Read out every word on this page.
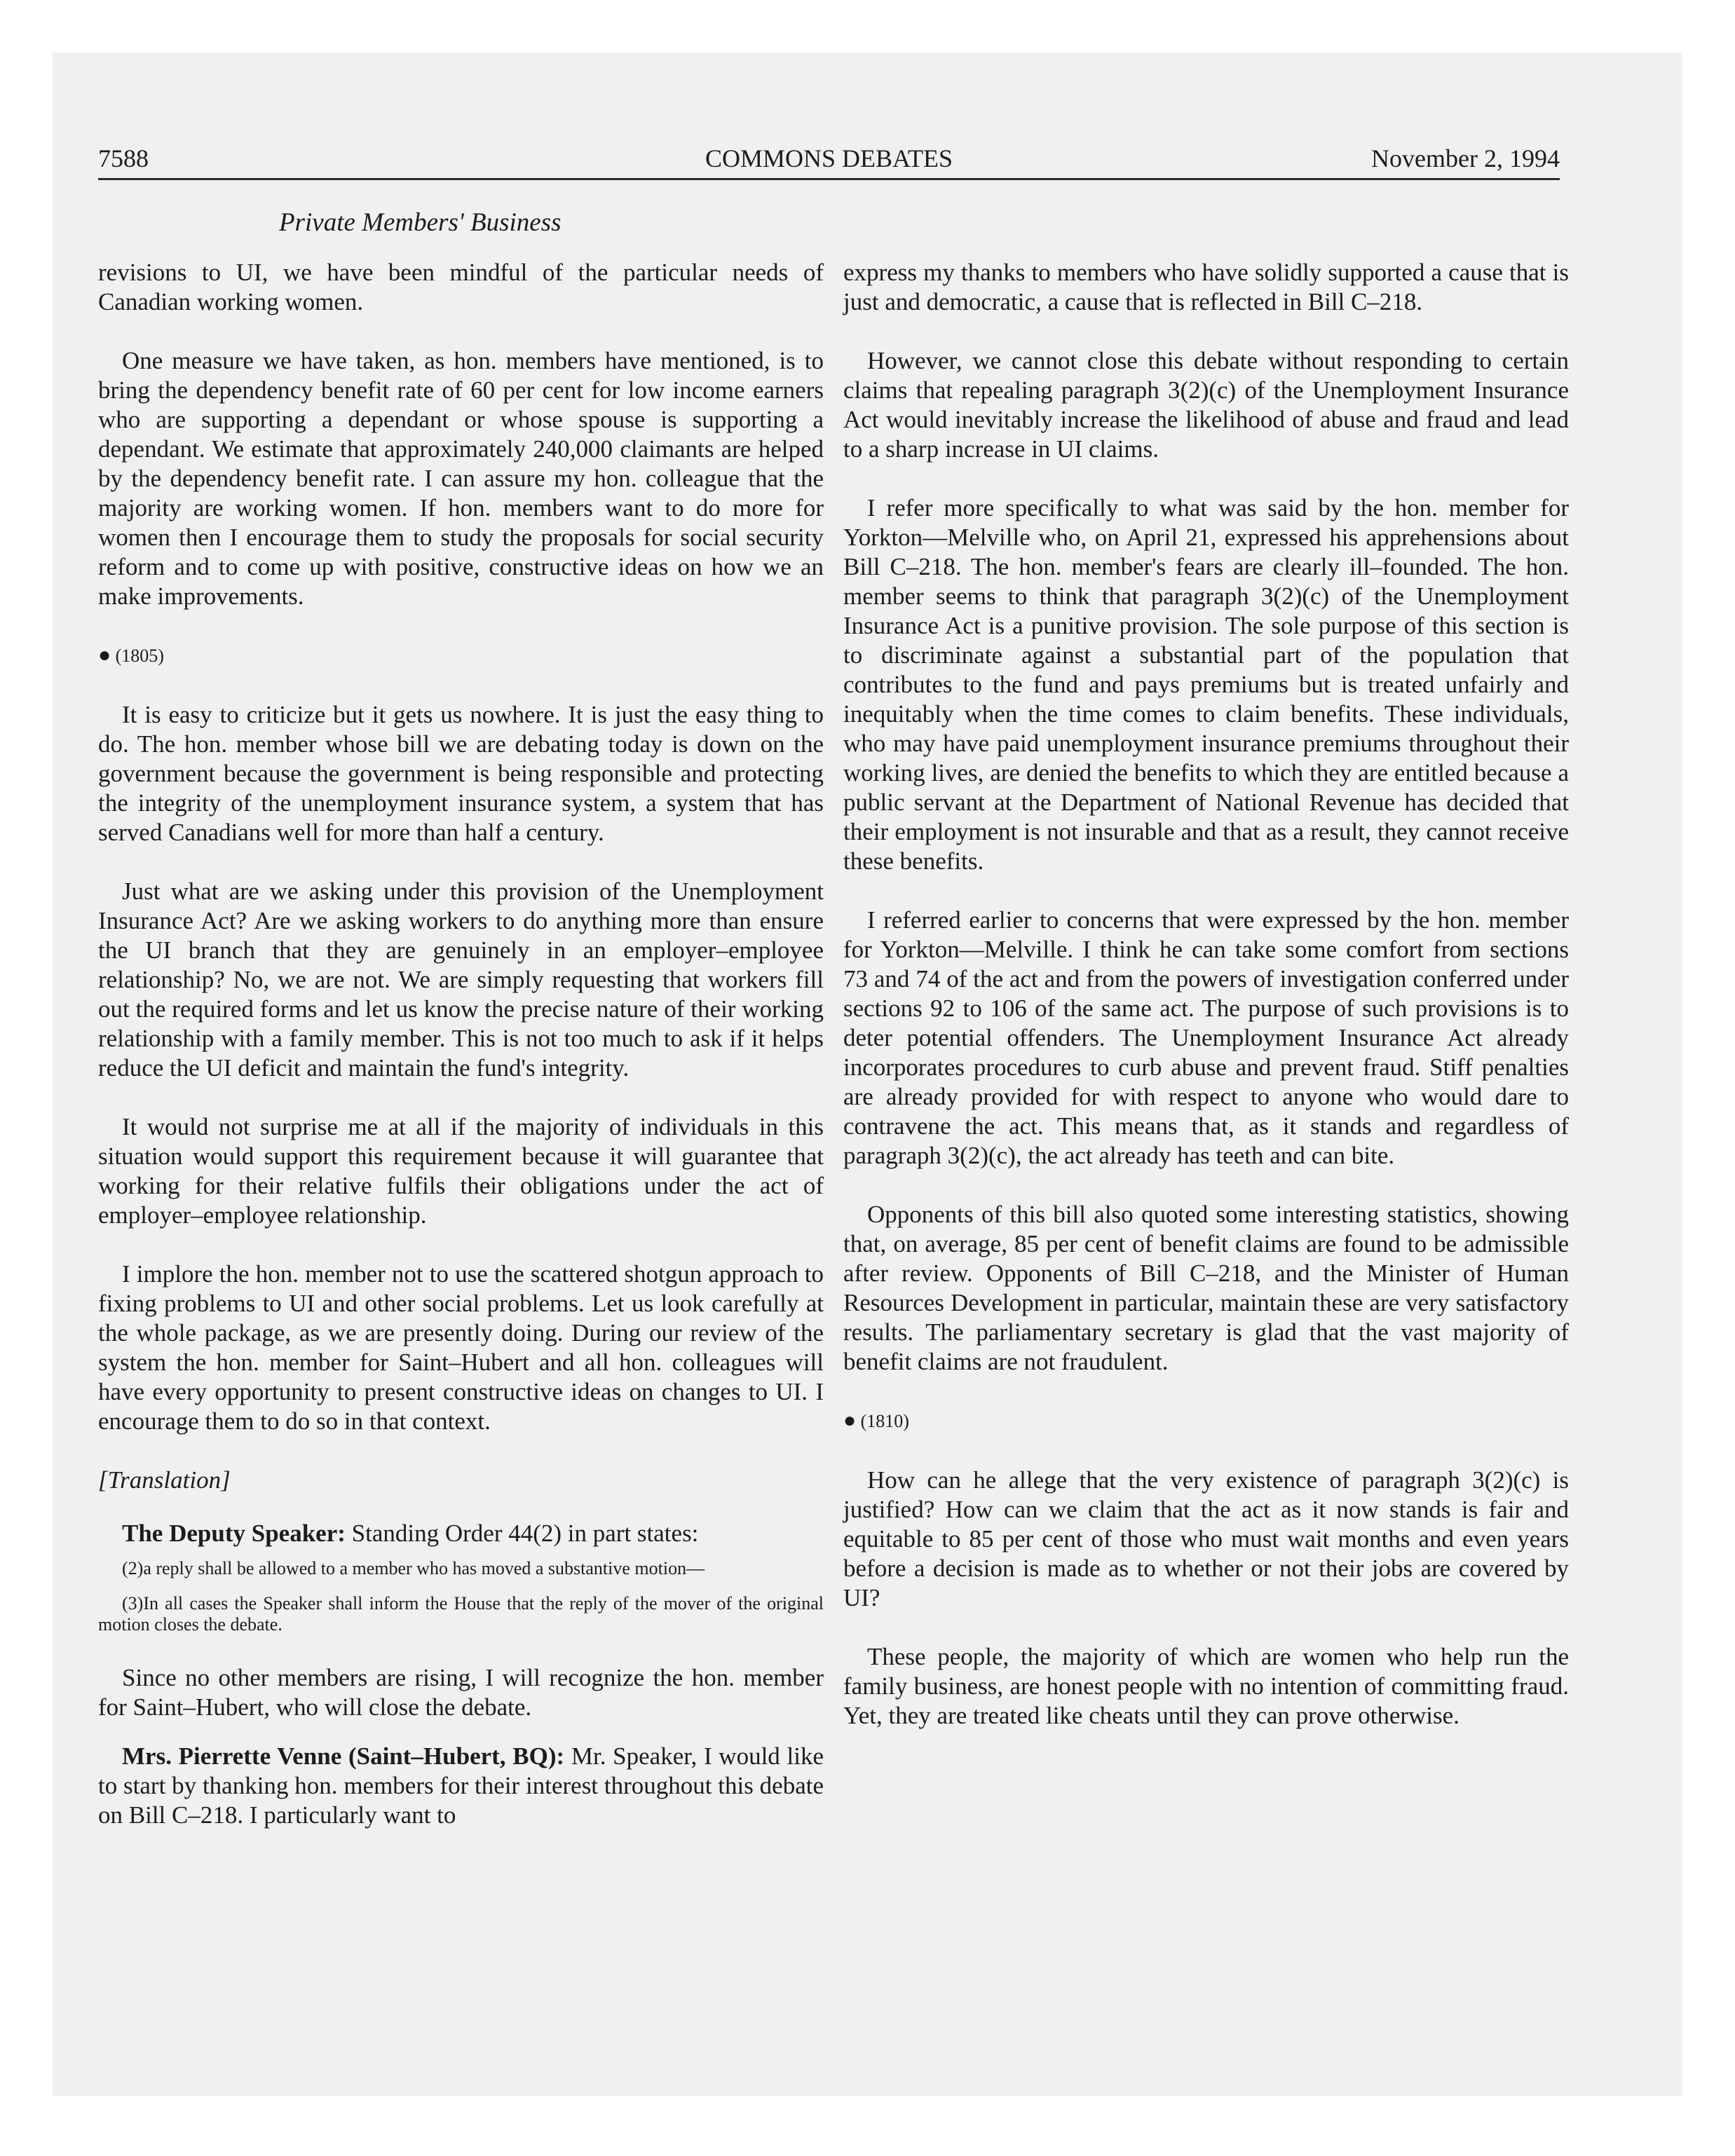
7588	COMMONS DEBATES	November 2, 1994
Private Members' Business

revisions to UI, we have been mindful of the particular needs of Canadian working women.

One measure we have taken, as hon. members have mentioned, is to bring the dependency benefit rate of 60 per cent for low income earners who are supporting a dependant or whose spouse is supporting a dependant. We estimate that approximately 240,000 claimants are helped by the dependency benefit rate. I can assure my hon. colleague that the majority are working women. If hon. members want to do more for women then I encourage them to study the proposals for social security reform and to come up with positive, constructive ideas on how we an make improvements.

● (1805)

It is easy to criticize but it gets us nowhere. It is just the easy thing to do. The hon. member whose bill we are debating today is down on the government because the government is being responsible and protecting the integrity of the unemployment insurance system, a system that has served Canadians well for more than half a century.

Just what are we asking under this provision of the Unemployment Insurance Act? Are we asking workers to do anything more than ensure the UI branch that they are genuinely in an employer–employee relationship? No, we are not. We are simply requesting that workers fill out the required forms and let us know the precise nature of their working relationship with a family member. This is not too much to ask if it helps reduce the UI deficit and maintain the fund's integrity.

It would not surprise me at all if the majority of individuals in this situation would support this requirement because it will guarantee that working for their relative fulfils their obligations under the act of employer–employee relationship.

I implore the hon. member not to use the scattered shotgun approach to fixing problems to UI and other social problems. Let us look carefully at the whole package, as we are presently doing. During our review of the system the hon. member for Saint–Hubert and all hon. colleagues will have every opportunity to present constructive ideas on changes to UI. I encourage them to do so in that context.

[Translation]

The Deputy Speaker: Standing Order 44(2) in part states:

(2)a reply shall be allowed to a member who has moved a substantive motion—
(3)In all cases the Speaker shall inform the House that the reply of the mover of the original motion closes the debate.

Since no other members are rising, I will recognize the hon. member for Saint–Hubert, who will close the debate.

Mrs. Pierrette Venne (Saint–Hubert, BQ): Mr. Speaker, I would like to start by thanking hon. members for their interest throughout this debate on Bill C–218. I particularly want to

express my thanks to members who have solidly supported a cause that is just and democratic, a cause that is reflected in Bill C–218.

However, we cannot close this debate without responding to certain claims that repealing paragraph 3(2)(c) of the Unemployment Insurance Act would inevitably increase the likelihood of abuse and fraud and lead to a sharp increase in UI claims.

I refer more specifically to what was said by the hon. member for Yorkton—Melville who, on April 21, expressed his apprehensions about Bill C–218. The hon. member's fears are clearly ill–founded. The hon. member seems to think that paragraph 3(2)(c) of the Unemployment Insurance Act is a punitive provision. The sole purpose of this section is to discriminate against a substantial part of the population that contributes to the fund and pays premiums but is treated unfairly and inequitably when the time comes to claim benefits. These individuals, who may have paid unemployment insurance premiums throughout their working lives, are denied the benefits to which they are entitled because a public servant at the Department of National Revenue has decided that their employment is not insurable and that as a result, they cannot receive these benefits.

I referred earlier to concerns that were expressed by the hon. member for Yorkton—Melville. I think he can take some comfort from sections 73 and 74 of the act and from the powers of investigation conferred under sections 92 to 106 of the same act. The purpose of such provisions is to deter potential offenders. The Unemployment Insurance Act already incorporates procedures to curb abuse and prevent fraud. Stiff penalties are already provided for with respect to anyone who would dare to contravene the act. This means that, as it stands and regardless of paragraph 3(2)(c), the act already has teeth and can bite.

Opponents of this bill also quoted some interesting statistics, showing that, on average, 85 per cent of benefit claims are found to be admissible after review. Opponents of Bill C–218, and the Minister of Human Resources Development in particular, maintain these are very satisfactory results. The parliamentary secretary is glad that the vast majority of benefit claims are not fraudulent.

● (1810)

How can he allege that the very existence of paragraph 3(2)(c) is justified? How can we claim that the act as it now stands is fair and equitable to 85 per cent of those who must wait months and even years before a decision is made as to whether or not their jobs are covered by UI?

These people, the majority of which are women who help run the family business, are honest people with no intention of committing fraud. Yet, they are treated like cheats until they can prove otherwise.
